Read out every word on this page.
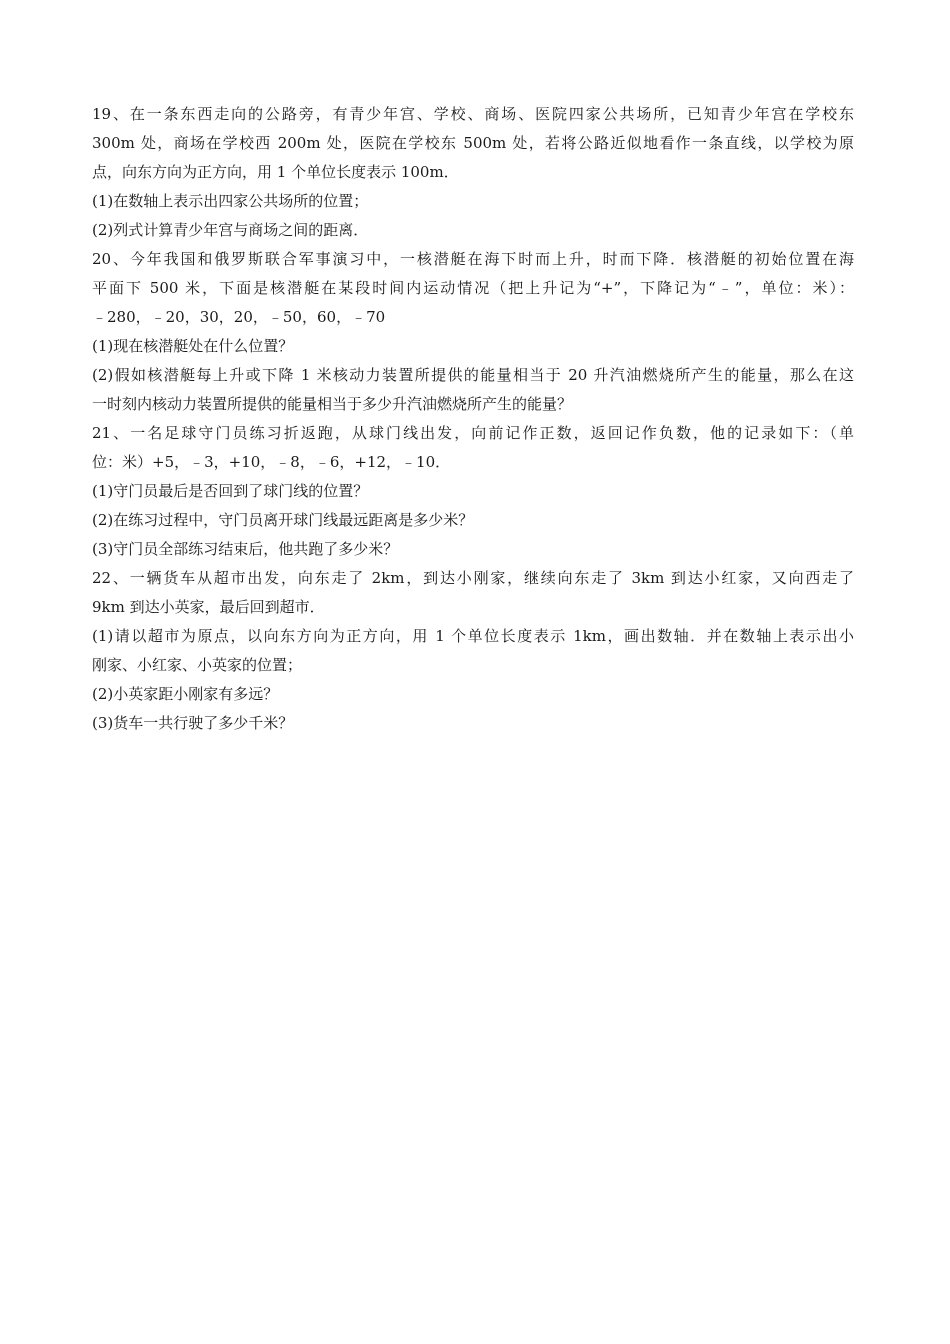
19、在一条东西走向的公路旁，有青少年宫、学校、商场、医院四家公共场所，已知青少年宫在学校东
300m 处，商场在学校西 200m 处，医院在学校东 500m 处，若将公路近似地看作一条直线，以学校为原
点，向东方向为正方向，用 1 个单位长度表示 100m．
(1)在数轴上表示出四家公共场所的位置；
(2)列式计算青少年宫与商场之间的距离．
20、今年我国和俄罗斯联合军事演习中，一核潜艇在海下时而上升，时而下降．核潜艇的初始位置在海
平面下 500 米，下面是核潜艇在某段时间内运动情况（把上升记为“+”，下降记为“﹣”，单位：米）：
﹣280，﹣20，30，20，﹣50，60，﹣70
(1)现在核潜艇处在什么位置？
(2)假如核潜艇每上升或下降 1 米核动力装置所提供的能量相当于 20 升汽油燃烧所产生的能量，那么在这
一时刻内核动力装置所提供的能量相当于多少升汽油燃烧所产生的能量？
21、一名足球守门员练习折返跑，从球门线出发，向前记作正数，返回记作负数，他的记录如下：（单
位：米）+5，﹣3，+10，﹣8，﹣6，+12，﹣10．
(1)守门员最后是否回到了球门线的位置？
(2)在练习过程中，守门员离开球门线最远距离是多少米？
(3)守门员全部练习结束后，他共跑了多少米？
22、一辆货车从超市出发，向东走了 2km，到达小刚家，继续向东走了 3km 到达小红家，又向西走了
9km 到达小英家，最后回到超市．
(1)请以超市为原点，以向东方向为正方向，用 1 个单位长度表示 1km，画出数轴．并在数轴上表示出小
刚家、小红家、小英家的位置；
(2)小英家距小刚家有多远？
(3)货车一共行驶了多少千米？
